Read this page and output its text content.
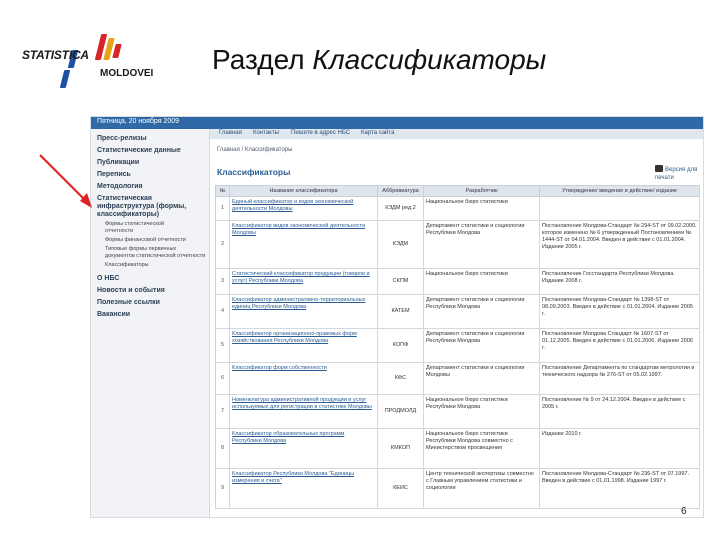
STATISTICA
MOLDOVEI Раздел Классификаторы
Пятница, 20 ноября 2009
Главная Контакты Пишите в адрес НБС Карта сайта
Пресс-релизы
Статистические данные
Публикации
Перепись
Методология
Статистическая
инфраструктура (формы,
классификаторы)
Формы статистической
отчетности
Формы финансовой отчетности
Типовые формы первичных
документов статистической отчетности
Классификаторы
О НБС
Новости и события
Полезные ссылки
Вакансии
Главная / Классификаторы
Классификаторы	Версия для печати
№	Название классификатора	Аббревиатура	Разработчик	Утверждение/ введение в действие/ издание
1	Единый классификатор и кодов экономической деятельности Молдовы	КЭДМ ред.2	Национальное бюро статистики	
2	Классификатор видов экономической деятельности Молдовы	КЭДМ	Департамент статистики и социологии Республики Молдова	Постановление Молдова-Стандарт № 294-ST от 09.02.2000, которое изменено № 6 утвержденный Постановлением № 1444-ST от 04.01.2004. Введен в действие с 01.01.2004. Издание 2005 г.
3	Статистический классификатор продукции (товаров и услуг) Республики Молдова	СКПМ	Национальное бюро статистики	Постановление Госстандарта Республики Молдова. Издание 2008 г.
4	Классификатор административно-территориальных единиц Республики Молдова	КАТЕМ	Департамент статистики и социологии Республики Молдова	Постановление Молдова-Стандарт № 1398-ST от 08.09.2003. Введен в действие с 01.01.2004. Издание 2005 г.
5	Классификатор организационно-правовых форм хозяйствования Республики Молдова	КОПФ	Департамент статистики и социологии Республики Молдова	Постановление Молдова Стандарт № 1607-ST от 01.12.2005. Введен в действие с 01.01.2006. Издание 2006 г.
6	Классификатор форм собственности	КФС	Департамент статистики и социологии Молдовы	Постановление Департамента по стандартам метрологии и технического надзора № 276-ST от 05.02.1997.
7	Номенклатура административной продукции и услуг используемых для регистрации в статистике Молдовы	ПРОДМОЛД	Национальное бюро статистики Республики Молдова	Постановление № 9 от 24.12.2004. Введен в действие с 2005 г.
8	Классификатор образовательных программ Республики Молдова	КМКОП	Национальное бюро статистики Республики Молдова совместно с Министерством просвещения	Издание 2010 г.
9	Классификатор Республики Молдова "Единицы измерения и счета"	КЕИС	Центр технической экспертизы совместно с Главным управлением статистики и социологии	Постановление Молдова-Стандарт № 236-ST от 07.1997. Введен в действие с 01.01.1998. Издание 1997 г.
6
